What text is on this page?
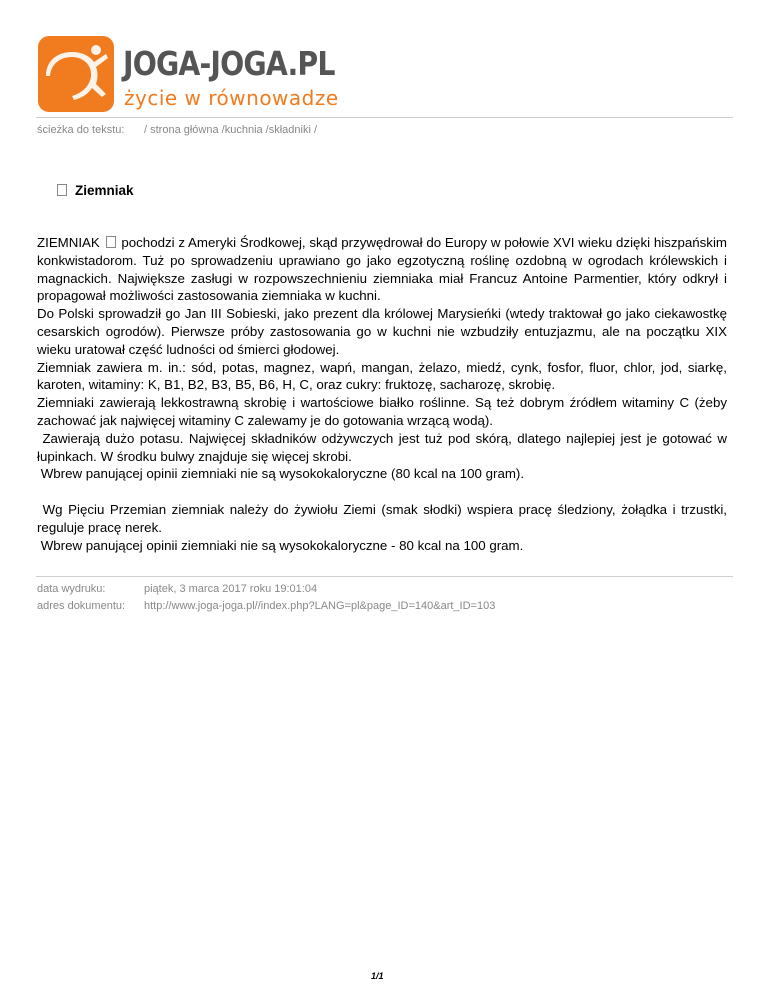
JOGA-JOGA.PL
życie w równowadze
ścieżka do tekstu: / strona główna /kuchnia /składniki /
Ziemniak

ZIEMNIAK pochodzi z Ameryki Środkowej, skąd przywędrował do Europy w połowie XVI wieku dzięki hiszpańskim konkwistadorom. Tuż po sprowadzeniu uprawiano go jako egzotyczną roślinę ozdobną w ogrodach królewskich i magnackich. Największe zasługi w rozpowszechnieniu ziemniaka miał Francuz Antoine Parmentier, który odkrył i propagował możliwości zastosowania ziemniaka w kuchni.

Do Polski sprowadził go Jan III Sobieski, jako prezent dla królowej Marysieńki (wtedy traktował go jako ciekawostkę cesarskich ogrodów). Pierwsze próby zastosowania go w kuchni nie wzbudziły entuzjazmu, ale na początku XIX wieku uratował część ludności od śmierci głodowej.

Ziemniak zawiera m. in.: sód, potas, magnez, wapń, mangan, żelazo, miedź, cynk, fosfor, fluor, chlor, jod, siarkę, karoten, witaminy: K, B1, B2, B3, B5, B6, H, C, oraz cukry: fruktozę, sacharozę, skrobię.

Ziemniaki zawierają lekkostrawną skrobię i wartościowe białko roślinne. Są też dobrym źródłem witaminy C (żeby zachować jak najwięcej witaminy C zalewamy je do gotowania wrzącą wodą).

Zawierają dużo potasu. Najwięcej składników odżywczych jest tuż pod skórą, dlatego najlepiej jest je gotować w łupinkach. W środku bulwy znajduje się więcej skrobi.

Wbrew panującej opinii ziemniaki nie są wysokokaloryczne (80 kcal na 100 gram).

Wg Pięciu Przemian ziemniak należy do żywiołu Ziemi (smak słodki) wspiera pracę śledziony, żołądka i trzustki, reguluje pracę nerek.

Wbrew panującej opinii ziemniaki nie są wysokokaloryczne - 80 kcal na 100 gram.

data wydruku:	piątek, 3 marca 2017 roku 19:01:04
adres dokumentu: http://www.joga-joga.pl//index.php?LANG=pl&page_ID=140&art_ID=103
1/1
